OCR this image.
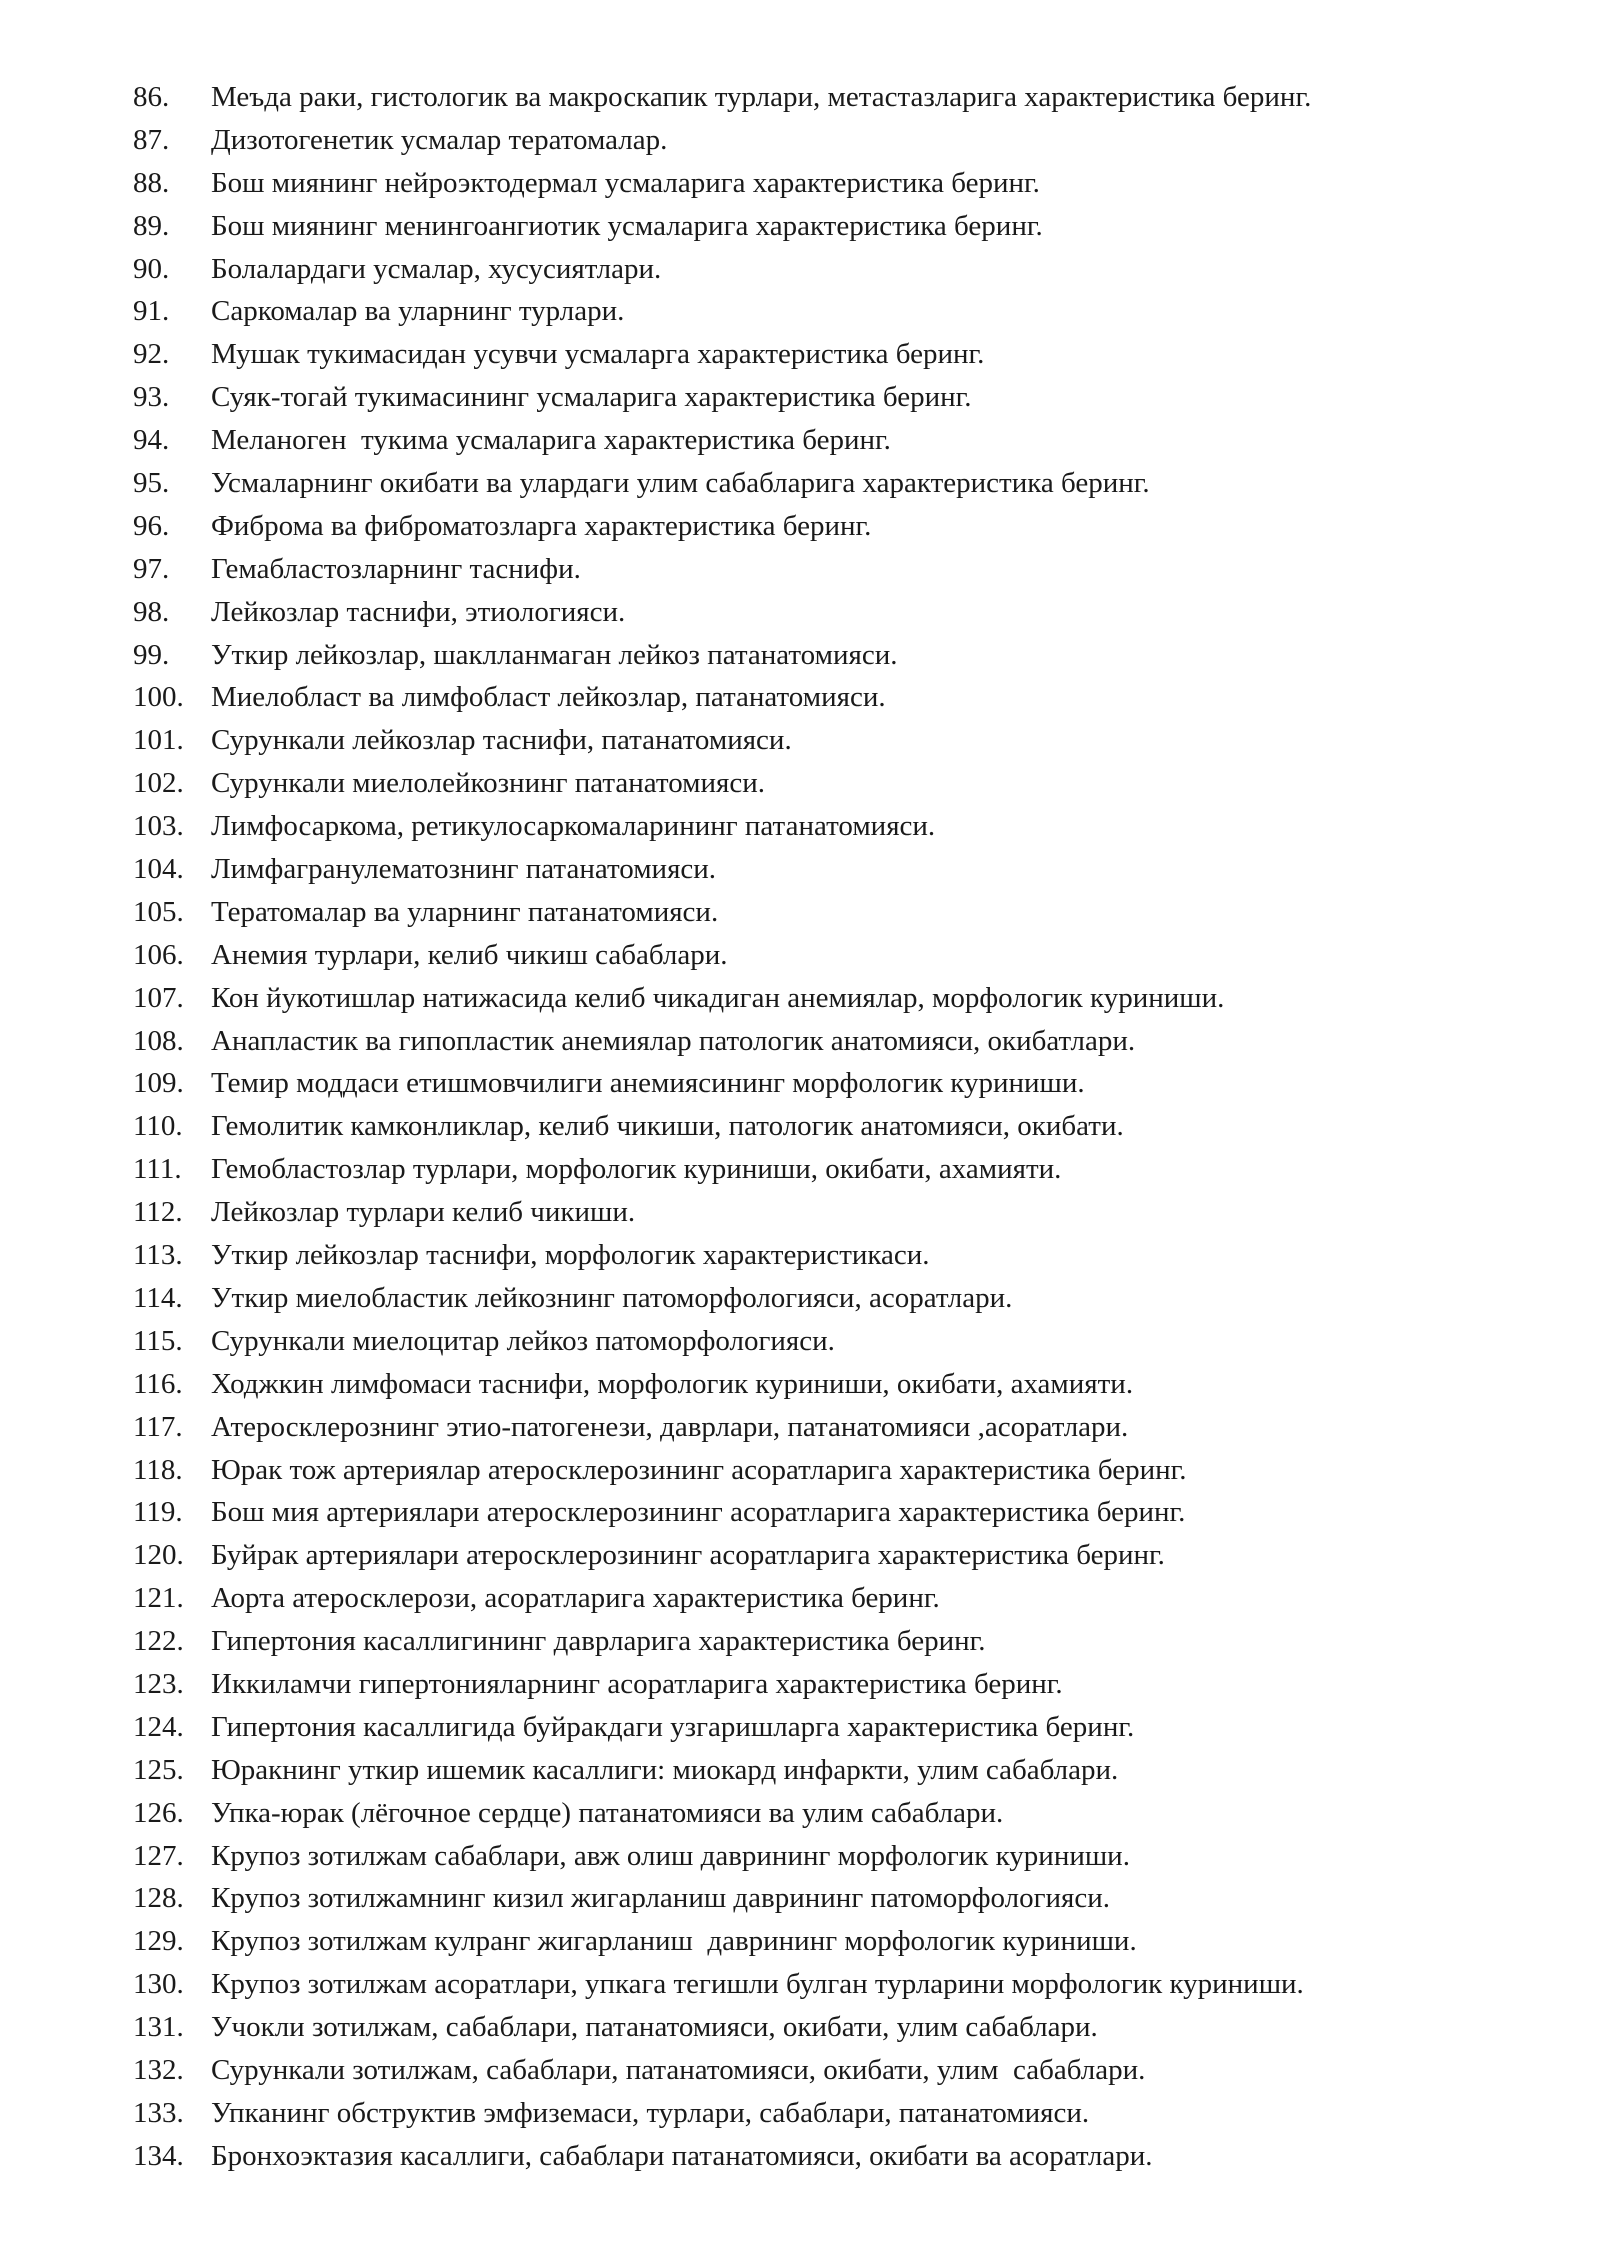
86.	Меъда раки, гистологик ва макроскапик турлари, метастазларига характеристика беринг.
87.	Дизотогенетик усмалар тератомалар.
88.	Бош миянинг нейроэктодермал усмаларига характеристика беринг.
89.	Бош миянинг менингоангиотик усмаларига характеристика беринг.
90.	Болалардаги усмалар, хусусиятлари.
91.	Саркомалар ва уларнинг турлари.
92.	Мушак тукимасидан усувчи усмаларга характеристика беринг.
93.	Суяк-тогай тукимасининг усмаларига характеристика беринг.
94.	Меланоген  тукима усмаларига характеристика беринг.
95.	Усмаларнинг окибати ва улардаги улим сабабларига характеристика беринг.
96.	Фиброма ва фиброматозларга характеристика беринг.
97.	Гемабластозларнинг таснифи.
98.	Лейкозлар таснифи, этиологияси.
99.	Уткир лейкозлар, шаклланмаган лейкоз патанатомияси.
100. Миелобласт ва лимфобласт лейкозлар, патанатомияси.
101. Сурункали лейкозлар таснифи, патанатомияси.
102. Сурункали миелолейкознинг патанатомияси.
103. Лимфосаркома, ретикулосаркомаларининг патанатомияси.
104. Лимфагранулематознинг патанатомияси.
105. Тератомалар ва уларнинг патанатомияси.
106. Анемия турлари, келиб чикиш сабаблари.
107. Кон йукотишлар натижасида келиб чикадиган анемиялар, морфологик куриниши.
108. Анапластик ва гипопластик анемиялар патологик анатомияси, окибатлари.
109. Темир моддаси етишмовчилиги анемиясининг морфологик куриниши.
110. Гемолитик камконликлар, келиб чикиши, патологик анатомияси, окибати.
111.	Гемобластозлар турлари, морфологик куриниши, окибати, ахамияти.
112. Лейкозлар турлари келиб чикиши.
113. Уткир лейкозлар таснифи, морфологик характеристикаси.
114. Уткир миелобластик лейкознинг патоморфологияси, асоратлари.
115. Сурункали миелоцитар лейкоз патоморфологияси.
116. Ходжкин лимфомаси таснифи, морфологик куриниши, окибати, ахамияти.
117. Атеросклерознинг этио-патогенези, даврлари, патанатомияси ,асоратлари.
118. Юрак тож артериялар атеросклерозининг асоратларига характеристика беринг.
119. Бош мия артериялари атеросклерозининг асоратларига характеристика беринг.
120. Буйрак артериялари атеросклерозининг асоратларига характеристика беринг.
121. Аорта атеросклерози, асоратларига характеристика беринг.
122. Гипертония касаллигининг даврларига характеристика беринг.
123. Иккиламчи гипертонияларнинг асоратларига характеристика беринг.
124. Гипертония касаллигида буйракдаги узгаришларга характеристика беринг.
125. Юракнинг уткир ишемик касаллиги: миокард инфаркти, улим сабаблари.
126. Упка-юрак (лёгочное сердце) патанатомияси ва улим сабаблари.
127. Крупоз зотилжам сабаблари, авж олиш даврининг морфологик куриниши.
128. Крупоз зотилжамнинг кизил жигарланиш даврининг патоморфологияси.
129. Крупоз зотилжам кулранг жигарланиш  даврининг морфологик куриниши.
130. Крупоз зотилжам асоратлари, упкага тегишли булган турларини морфологик куриниши.
131. Учокли зотилжам, сабаблари, патанатомияси, окибати, улим сабаблари.
132. Сурункали зотилжам, сабаблари, патанатомияси, окибати, улим  сабаблари.
133. Упканинг обструктив эмфиземаси, турлари, сабаблари, патанатомияси.
134. Бронхоэктазия касаллиги, сабаблари патанатомияси, окибати ва асоратлари.
